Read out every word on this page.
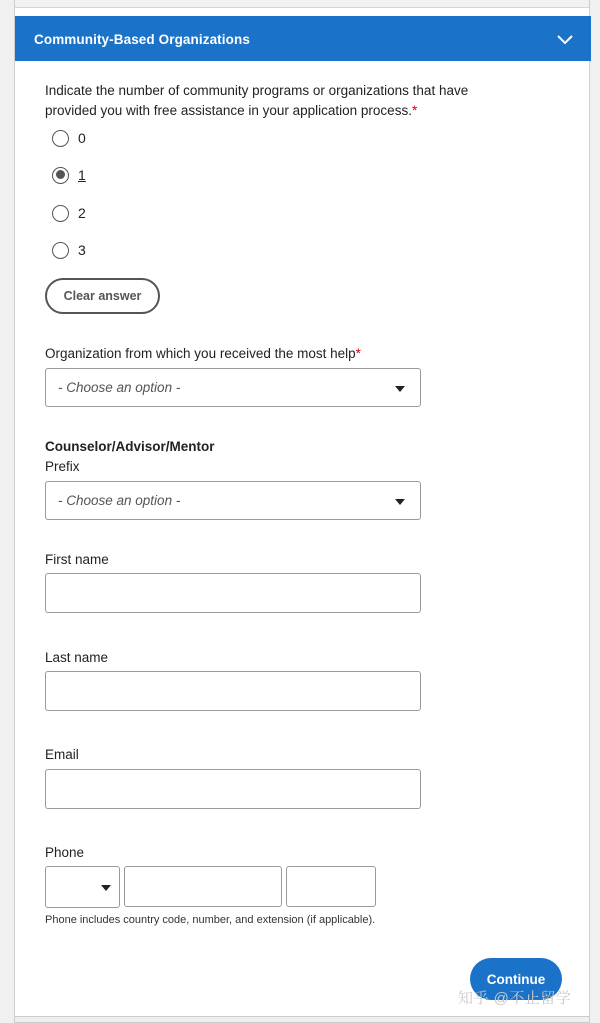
Community-Based Organizations
Indicate the number of community programs or organizations that have provided you with free assistance in your application process.*
0
1
2
3
Clear answer
Organization from which you received the most help*
- Choose an option -
Counselor/Advisor/Mentor
Prefix
- Choose an option -
First name
Last name
Email
Phone
Phone includes country code, number, and extension (if applicable).
Continue
知乎 @不止留学
